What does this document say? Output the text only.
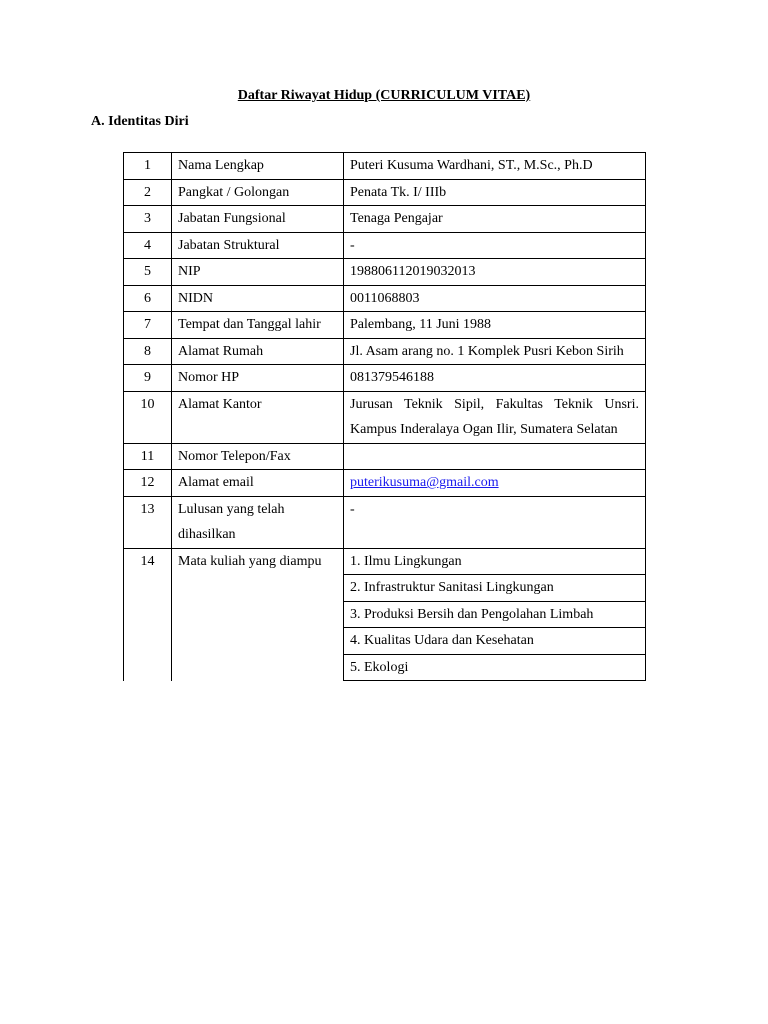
Daftar Riwayat Hidup (CURRICULUM VITAE)
A. Identitas Diri
1	Nama Lengkap	Puteri Kusuma Wardhani, ST., M.Sc., Ph.D
2	Pangkat / Golongan	Penata Tk. I/ IIIb
3	Jabatan Fungsional	Tenaga Pengajar
4	Jabatan Struktural	-
5	NIP	198806112019032013
6	NIDN	0011068803
7	Tempat dan Tanggal lahir	Palembang, 11 Juni 1988
8	Alamat Rumah	Jl. Asam arang no. 1 Komplek Pusri Kebon Sirih
9	Nomor HP	081379546188
10	Alamat Kantor	Jurusan Teknik Sipil, Fakultas Teknik Unsri. Kampus Inderalaya Ogan Ilir, Sumatera Selatan
11	Nomor Telepon/Fax	
12	Alamat email	puterikusuma@gmail.com
13	Lulusan yang telah dihasilkan	-
14	Mata kuliah yang diampu	1. Ilmu Lingkungan
		2. Infrastruktur Sanitasi Lingkungan
		3. Produksi Bersih dan Pengolahan Limbah
		4. Kualitas Udara dan Kesehatan
		5. Ekologi
